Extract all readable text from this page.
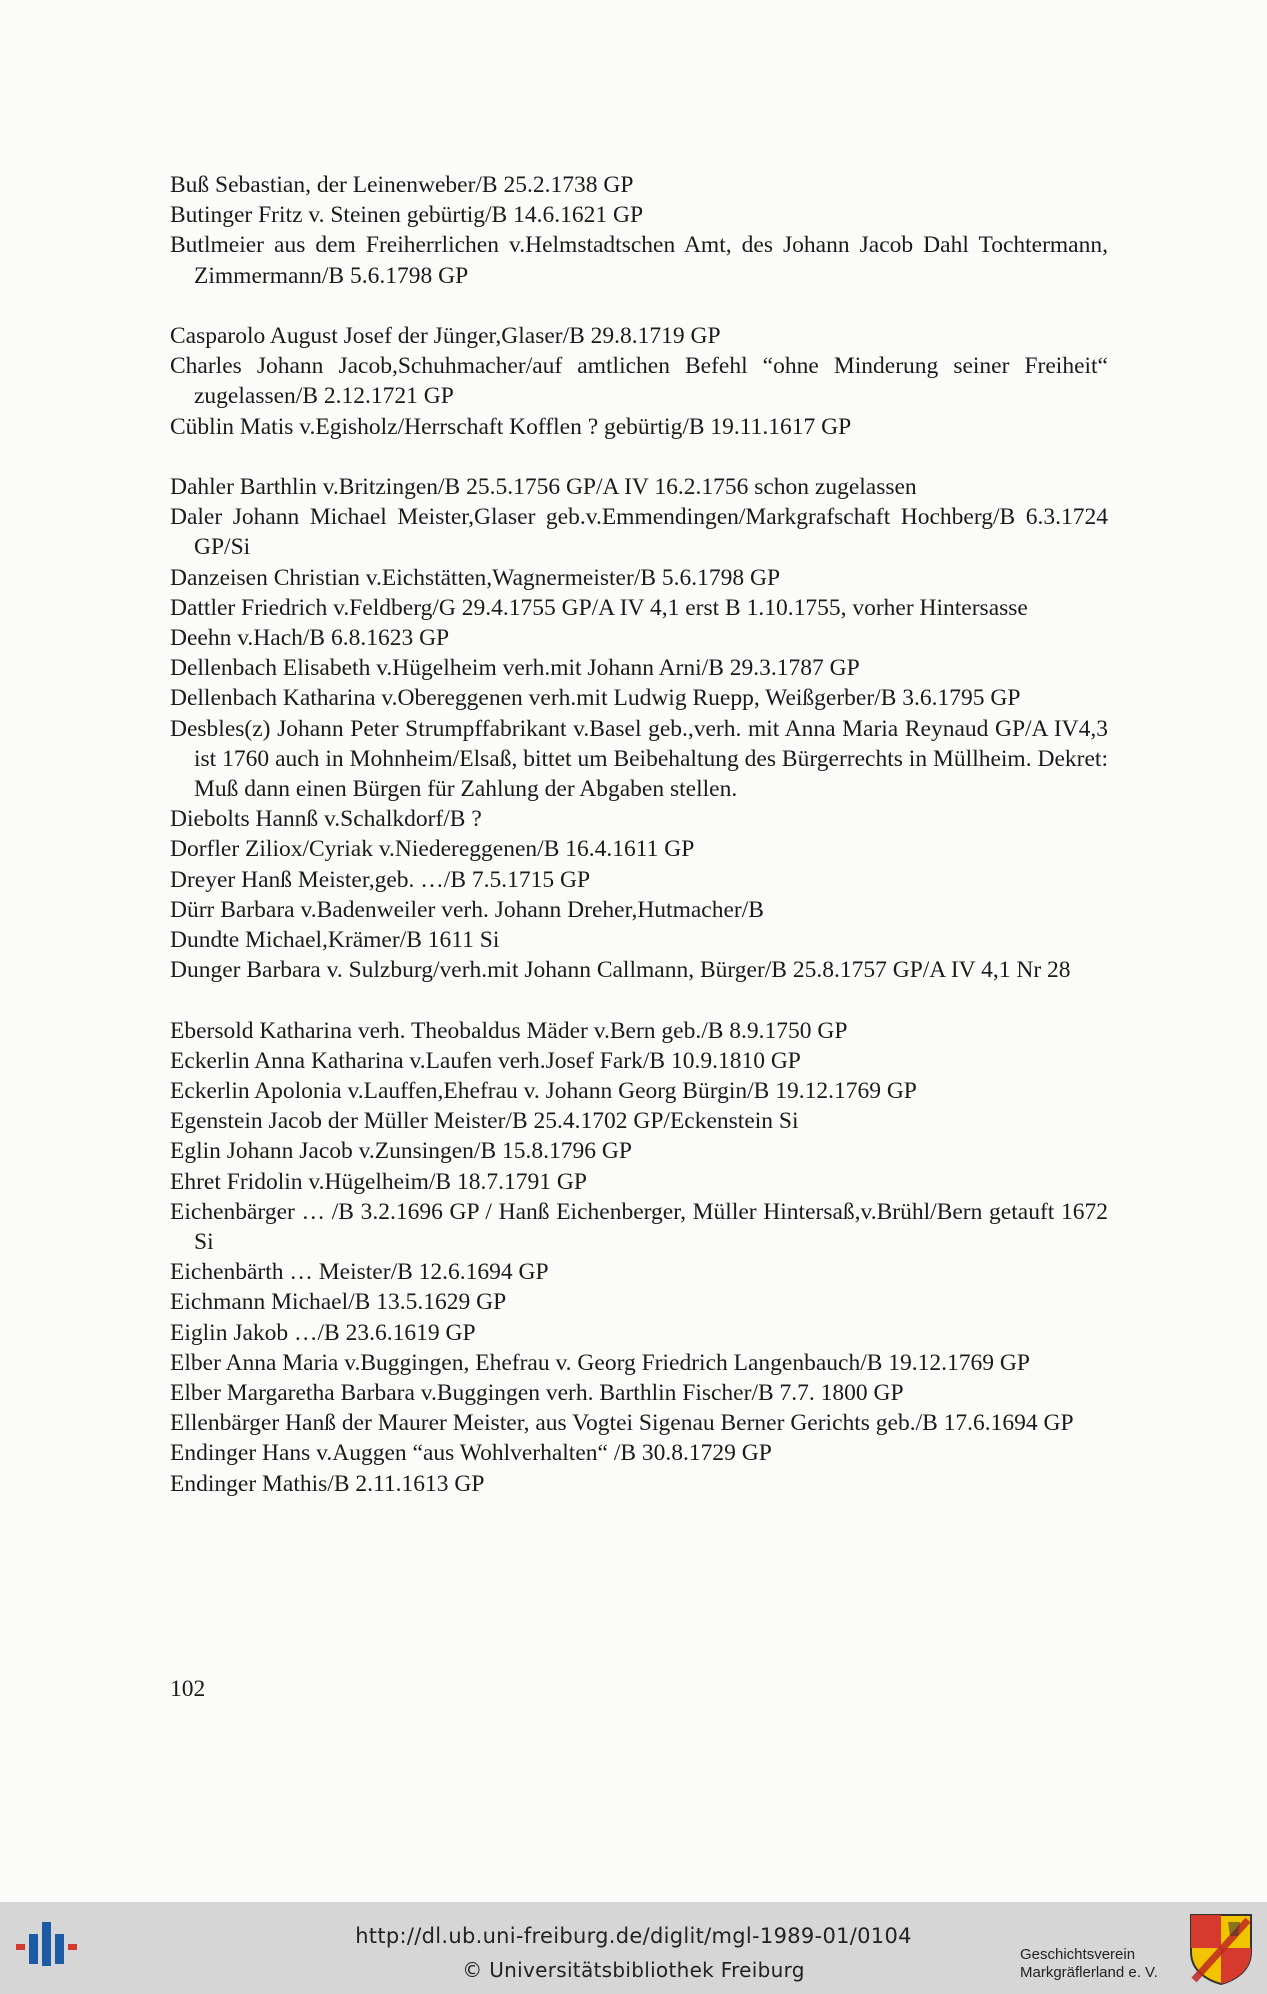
Buß Sebastian, der Leinenweber/B 25.2.1738 GP

Butinger Fritz v. Steinen gebürtig/B 14.6.1621 GP

Butlmeier aus dem Freiherrlichen v.Helmstadtschen Amt, des Johann Jacob Dahl Tochtermann, Zimmermann/B 5.6.1798 GP

Casparolo August Josef der Jünger,Glaser/B 29.8.1719 GP

Charles Johann Jacob,Schuhmacher/auf amtlichen Befehl “ohne Minderung seiner Freiheit“ zugelassen/B 2.12.1721 GP

Cüblin Matis v.Egisholz/Herrschaft Kofflen ? gebürtig/B 19.11.1617 GP

Dahler Barthlin v.Britzingen/B 25.5.1756 GP/A IV 16.2.1756 schon zugelassen

Daler Johann Michael Meister,Glaser geb.v.Emmendingen/Markgrafschaft Hochberg/B 6.3.1724 GP/Si

Danzeisen Christian v.Eichstätten,Wagnermeister/B 5.6.1798 GP

Dattler Friedrich v.Feldberg/G 29.4.1755 GP/A IV 4,1 erst B 1.10.1755, vorher Hintersasse

Deehn v.Hach/B 6.8.1623 GP

Dellenbach Elisabeth v.Hügelheim verh.mit Johann Arni/B 29.3.1787 GP

Dellenbach Katharina v.Obereggenen verh.mit Ludwig Ruepp, Weißgerber/B 3.6.1795 GP

Desbles(z) Johann Peter Strumpffabrikant v.Basel geb.,verh. mit Anna Maria Reynaud GP/A IV4,3 ist 1760 auch in Mohnheim/Elsaß, bittet um Beibehaltung des Bürgerrechts in Müllheim. Dekret: Muß dann einen Bürgen für Zahlung der Abgaben stellen.

Diebolts Hannß v.Schalkdorf/B ?

Dorfler Ziliox/Cyriak v.Niedereggenen/B 16.4.1611 GP

Dreyer Hanß Meister,geb. …/B 7.5.1715 GP

Dürr Barbara v.Badenweiler verh. Johann Dreher,Hutmacher/B

Dundte Michael,Krämer/B 1611 Si

Dunger Barbara v. Sulzburg/verh.mit Johann Callmann, Bürger/B 25.8.1757 GP/A IV 4,1 Nr 28

Ebersold Katharina verh. Theobaldus Mäder v.Bern geb./B 8.9.1750 GP

Eckerlin Anna Katharina v.Laufen verh.Josef Fark/B 10.9.1810 GP

Eckerlin Apolonia v.Lauffen,Ehefrau v. Johann Georg Bürgin/B 19.12.1769 GP

Egenstein Jacob der Müller Meister/B 25.4.1702 GP/Eckenstein Si

Eglin Johann Jacob v.Zunsingen/B 15.8.1796 GP

Ehret Fridolin v.Hügelheim/B 18.7.1791 GP

Eichenbärger … /B 3.2.1696 GP / Hanß Eichenberger, Müller Hintersaß,v.Brühl/Bern getauft 1672 Si

Eichenbärth … Meister/B 12.6.1694 GP

Eichmann Michael/B 13.5.1629 GP

Eiglin Jakob …/B 23.6.1619 GP

Elber Anna Maria v.Buggingen, Ehefrau v. Georg Friedrich Langenbauch/B 19.12.1769 GP

Elber Margaretha Barbara v.Buggingen verh. Barthlin Fischer/B 7.7. 1800 GP

Ellenbärger Hanß der Maurer Meister, aus Vogtei Sigenau Berner Gerichts geb./B 17.6.1694 GP

Endinger Hans v.Auggen “aus Wohlverhalten“ /B 30.8.1729 GP

Endinger Mathis/B 2.11.1613 GP

102
http://dl.ub.uni-freiburg.de/diglit/mgl-1989-01/0104
© Universitätsbibliothek Freiburg
Geschichtsverein
Markgräflerland e. V.
